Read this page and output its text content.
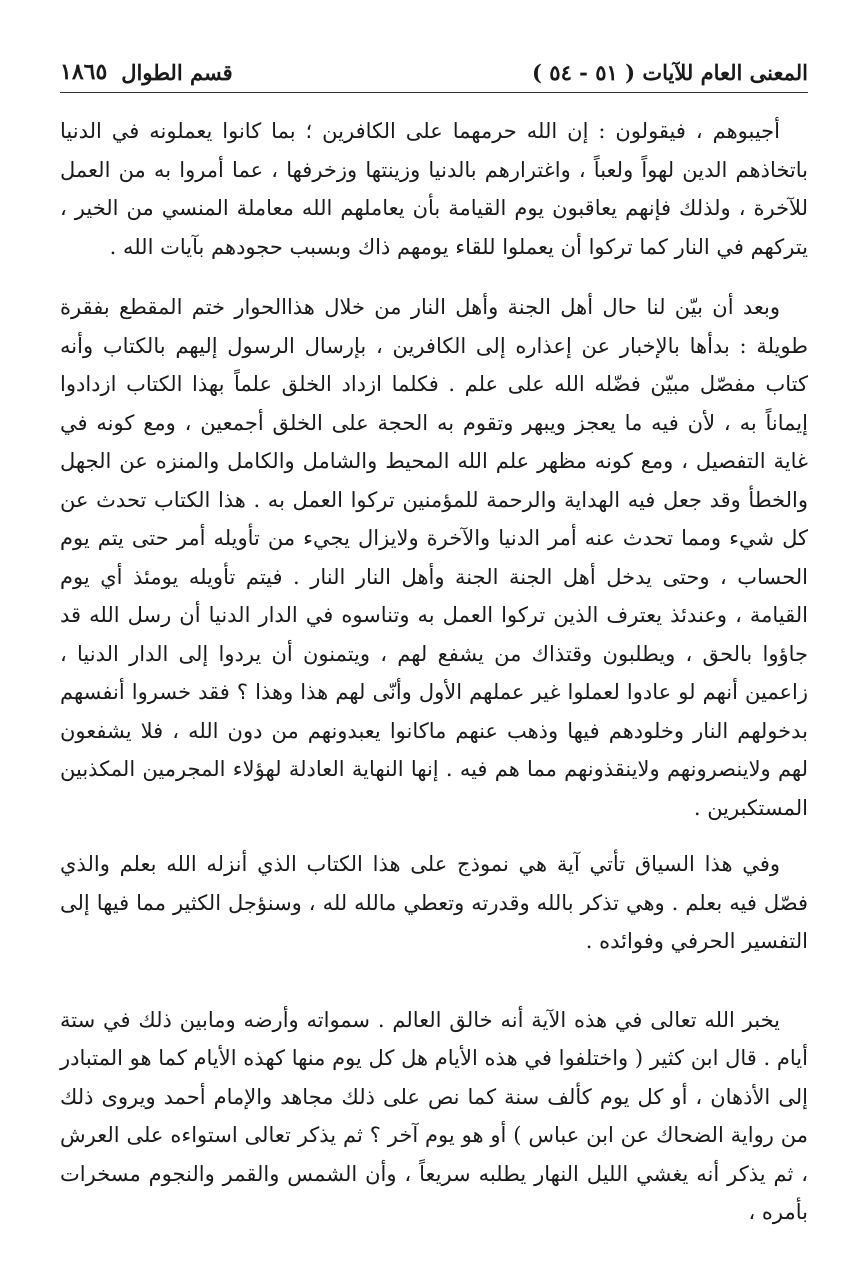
المعنى العام للآيات ( ٥١ - ٥٤ )
قسم الطوال
١٨٦٥

أجيبوهم ، فيقولون : إن الله حرمهما على الكافرين ؛ بما كانوا يعملونه في الدنيا باتخاذهم الدين لهواً ولعباً ، واغترارهم بالدنيا وزينتها وزخرفها ، عما أمروا به من العمل للآخرة ، ولذلك فإنهم يعاقبون يوم القيامة بأن يعاملهم الله معاملة المنسي من الخير ، يتركهم في النار كما تركوا أن يعملوا للقاء يومهم ذاك وبسبب حجودهم بآيات الله .

وبعد أن بيّن لنا حال أهل الجنة وأهل النار من خلال هذاالحوار ختم المقطع بفقرة طويلة : بدأها بالإخبار عن إعذاره إلى الكافرين ، بإرسال الرسول إليهم بالكتاب وأنه كتاب مفصّل مبيّن فضّله الله على علم . فكلما ازداد الخلق علماً بهذا الكتاب ازدادوا إيماناً به ، لأن فيه ما يعجز ويبهر وتقوم به الحجة على الخلق أجمعين ، ومع كونه في غاية التفصيل ، ومع كونه مظهر علم الله المحيط والشامل والكامل والمنزه عن الجهل والخطأ وقد جعل فيه الهداية والرحمة للمؤمنين تركوا العمل به . هذا الكتاب تحدث عن كل شيء ومما تحدث عنه أمر الدنيا والآخرة ولايزال يجيء من تأويله أمر حتى يتم يوم الحساب ، وحتى يدخل أهل الجنة الجنة وأهل النار النار . فيتم تأويله يومئذ أي يوم القيامة ، وعندئذ يعترف الذين تركوا العمل به وتناسوه في الدار الدنيا أن رسل الله قد جاؤوا بالحق ، ويطلبون وقتذاك من يشفع لهم ، ويتمنون أن يردوا إلى الدار الدنيا ، زاعمين أنهم لو عادوا لعملوا غير عملهم الأول وأنّى لهم هذا وهذا ؟ فقد خسروا أنفسهم بدخولهم النار وخلودهم فيها وذهب عنهم ماكانوا يعبدونهم من دون الله ، فلا يشفعون لهم ولاينصرونهم ولاينقذونهم مما هم فيه . إنها النهاية العادلة لهؤلاء المجرمين المكذبين المستكبرين .

وفي هذا السياق تأتي آية هي نموذج على هذا الكتاب الذي أنزله الله بعلم والذي فصّل فيه بعلم . وهي تذكر بالله وقدرته وتعطي مالله لله ، وسنؤجل الكثير مما فيها إلى التفسير الحرفي وفوائده .

يخبر الله تعالى في هذه الآية أنه خالق العالم . سمواته وأرضه ومابين ذلك في ستة أيام . قال ابن كثير ( واختلفوا في هذه الأيام هل كل يوم منها كهذه الأيام كما هو المتبادر إلى الأذهان ، أو كل يوم كألف سنة كما نص على ذلك مجاهد والإمام أحمد ويروى ذلك من رواية الضحاك عن ابن عباس ) أو هو يوم آخر ؟ ثم يذكر تعالى استواءه على العرش ، ثم يذكر أنه يغشي الليل النهار يطلبه سريعاً ، وأن الشمس والقمر والنجوم مسخرات بأمره ،
